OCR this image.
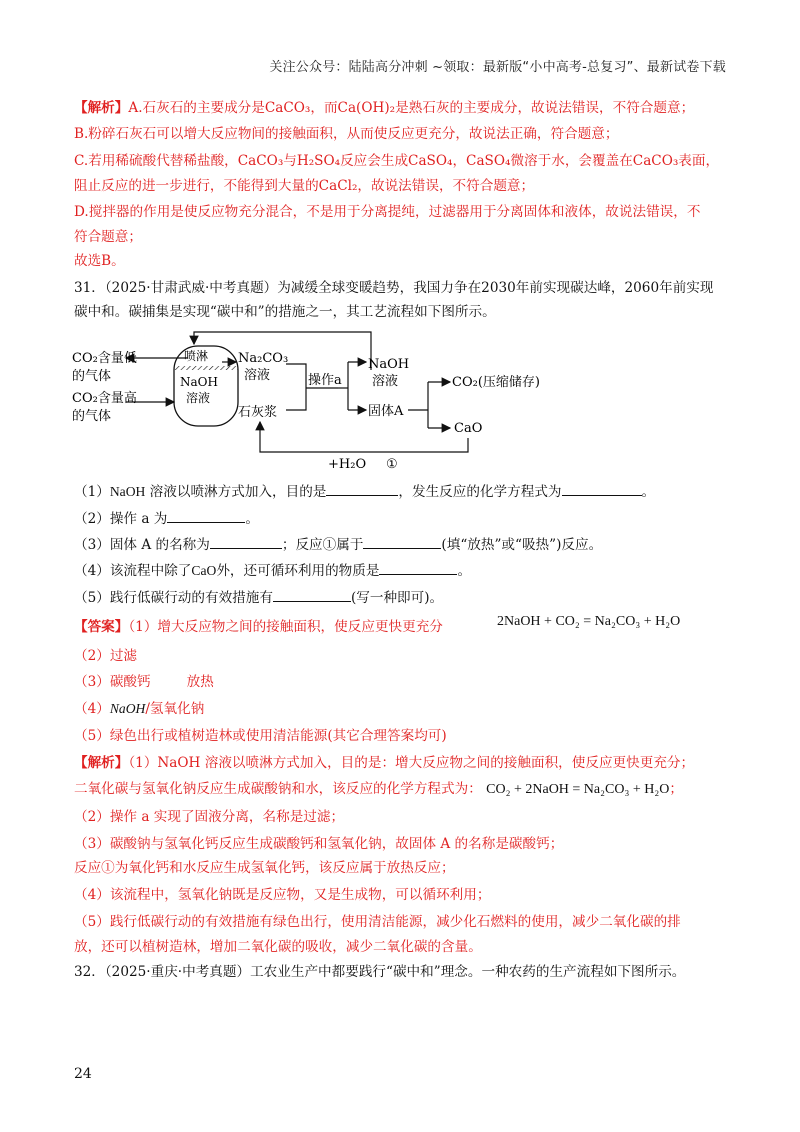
关注公众号：陆陆高分冲刺 ~领取：最新版“小中高考-总复习”、最新试卷下载
【解析】A.石灰石的主要成分是CaCO₃，而Ca(OH)₂是熟石灰的主要成分，故说法错误，不符合题意；
B.粉碎石灰石可以增大反应物间的接触面积，从而使反应更充分，故说法正确，符合题意；
C.若用稀硫酸代替稀盐酸，CaCO₃与H₂SO₄反应会生成CaSO₄，CaSO₄微溶于水，会覆盖在CaCO₃表面，
阻止反应的进一步进行，不能得到大量的CaCl₂，故说法错误，不符合题意；
D.搅拌器的作用是使反应物充分混合，不是用于分离提纯，过滤器用于分离固体和液体，故说法错误，不
符合题意；
故选B。
31．（2025·甘肃武威·中考真题）为减缓全球变暖趋势，我国力争在2030年前实现碳达峰，2060年前实现
碳中和。碳捕集是实现“碳中和”的措施之一，其工艺流程如下图所示。
CO₂含量低
的气体
CO₂含量高
的气体
喷淋
NaOH
溶液
Na₂CO₃
溶液
石灰浆
操作a
NaOH
溶液
固体A
CO₂(压缩储存)
CaO
+H₂O ①
（1）NaOH 溶液以喷淋方式加入，目的是	，发生反应的化学方程式为	。
（2）操作 a 为	。
（3）固体 A 的名称为	；反应①属于	(填“放热”或“吸热”)反应。
（4）该流程中除了CaO外，还可循环利用的物质是	。
（5）践行低碳行动的有效措施有	(写一种即可)。
【答案】（1）增大反应物之间的接触面积，使反应更快更充分	2NaOH + CO₂ = Na₂CO₃ + H₂O
（2）过滤
（3）碳酸钙	放热
（4）NaOH/氢氧化钠
（5）绿色出行或植树造林或使用清洁能源(其它合理答案均可)
【解析】（1）NaOH 溶液以喷淋方式加入，目的是：增大反应物之间的接触面积，使反应更快更充分；
二氧化碳与氢氧化钠反应生成碳酸钠和水，该反应的化学方程式为： CO₂ + 2NaOH = Na₂CO₃ + H₂O；
（2）操作 a 实现了固液分离，名称是过滤；
（3）碳酸钠与氢氧化钙反应生成碳酸钙和氢氧化钠，故固体 A 的名称是碳酸钙；
反应①为氧化钙和水反应生成氢氧化钙，该反应属于放热反应；
（4）该流程中，氢氧化钠既是反应物，又是生成物，可以循环利用；
（5）践行低碳行动的有效措施有绿色出行，使用清洁能源，减少化石燃料的使用，减少二氧化碳的排
放，还可以植树造林，增加二氧化碳的吸收，减少二氧化碳的含量。
32．（2025·重庆·中考真题）工农业生产中都要践行“碳中和”理念。一种农药的生产流程如下图所示。
24
